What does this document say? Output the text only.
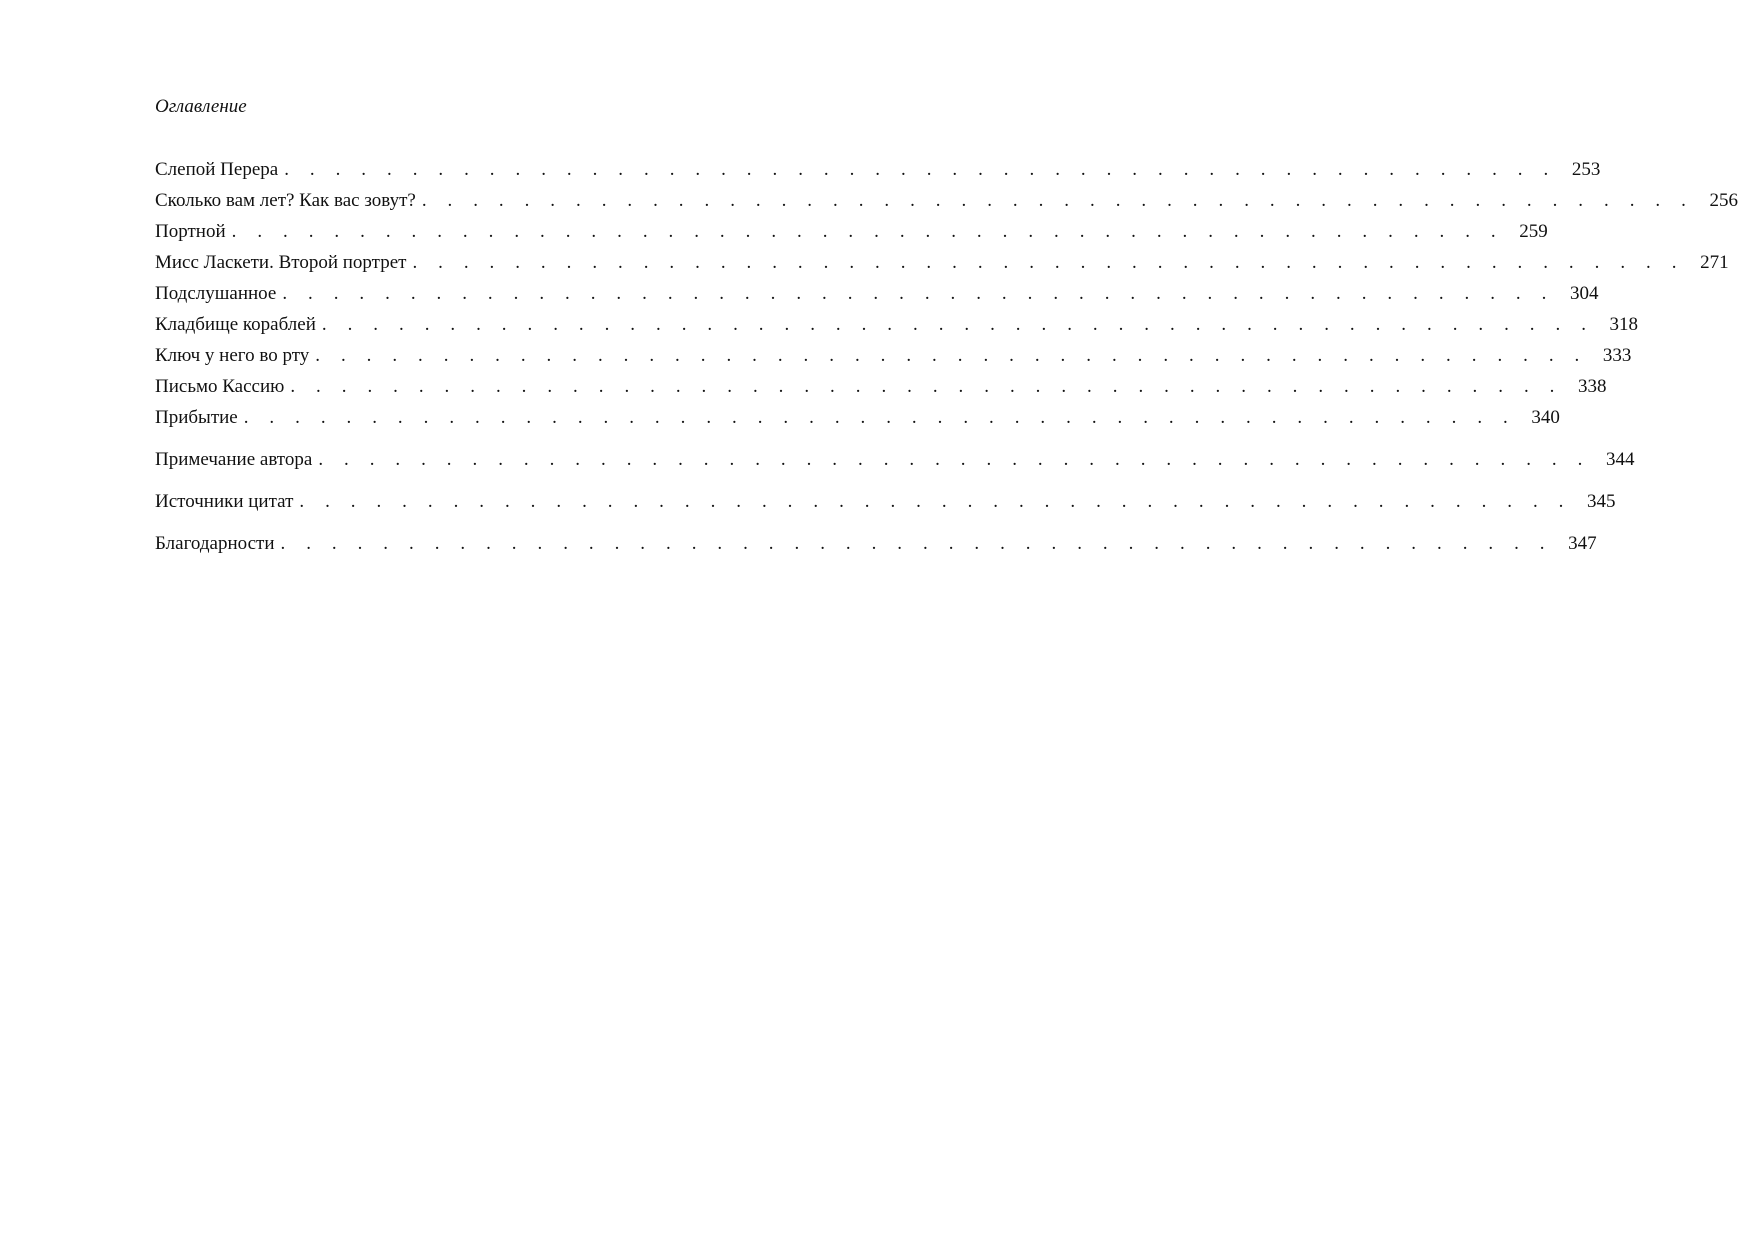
Оглавление
Слепой Перера . . . . . . . . . . . . . . . . . . . . . . . . . . . . . . . . . . . . . . . . . . . . . . . . . . 253
Сколько вам лет? Как вас зовут? . . . . . . . . . . . . . . . . . . . . . . . . . . . . . . . . . . . . . . . . . . . . . . . . . . 256
Портной . . . . . . . . . . . . . . . . . . . . . . . . . . . . . . . . . . . . . . . . . . . . . . . . . . 259
Мисс Ласкети. Второй портрет . . . . . . . . . . . . . . . . . . . . . . . . . . . . . . . . . . . . . . . . . . . . . . . . . . 271
Подслушанное . . . . . . . . . . . . . . . . . . . . . . . . . . . . . . . . . . . . . . . . . . . . . . . . . . 304
Кладбище кораблей . . . . . . . . . . . . . . . . . . . . . . . . . . . . . . . . . . . . . . . . . . . . . . . . . . 318
Ключ у него во рту . . . . . . . . . . . . . . . . . . . . . . . . . . . . . . . . . . . . . . . . . . . . . . . . . . 333
Письмо Кассию . . . . . . . . . . . . . . . . . . . . . . . . . . . . . . . . . . . . . . . . . . . . . . . . . . 338
Прибытие . . . . . . . . . . . . . . . . . . . . . . . . . . . . . . . . . . . . . . . . . . . . . . . . . . 340
Примечание автора . . . . . . . . . . . . . . . . . . . . . . . . . . . . . . . . . . . . . . . . . . . . . . . . . . 344
Источники цитат . . . . . . . . . . . . . . . . . . . . . . . . . . . . . . . . . . . . . . . . . . . . . . . . . . 345
Благодарности . . . . . . . . . . . . . . . . . . . . . . . . . . . . . . . . . . . . . . . . . . . . . . . . . . 347
